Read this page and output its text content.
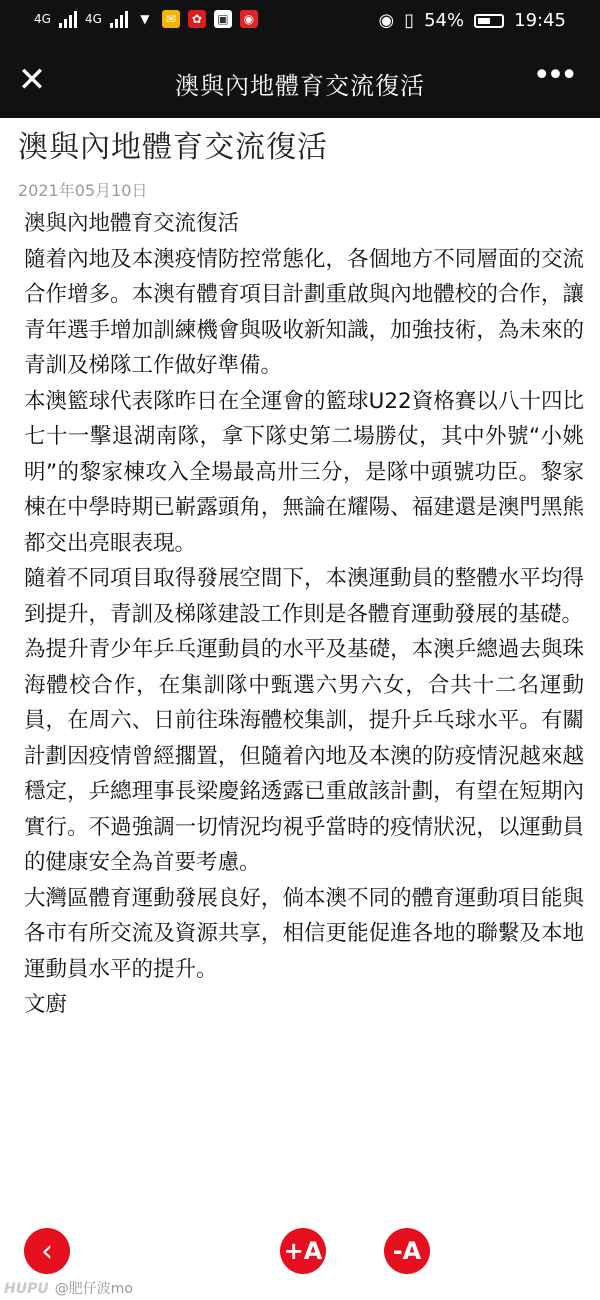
4G	4G	▼	✉	✿	▣	◉	◉ ▯ 54%	19:45
✕	澳與內地體育交流復活	•••
澳與內地體育交流復活
2021年05月10日

澳與內地體育交流復活

隨着內地及本澳疫情防控常態化，各個地方不同層面的交流合作增多。本澳有體育項目計劃重啟與內地體校的合作，讓青年選手增加訓練機會與吸收新知識，加強技術，為未來的青訓及梯隊工作做好準備。

本澳籃球代表隊昨日在全運會的籃球U22資格賽以八十四比七十一擊退湖南隊，拿下隊史第二場勝仗，其中外號“小姚明”的黎家棟攻入全場最高卅三分，是隊中頭號功臣。黎家棟在中學時期已嶄露頭角，無論在耀陽、福建還是澳門黑熊都交出亮眼表現。

隨着不同項目取得發展空間下，本澳運動員的整體水平均得到提升，青訓及梯隊建設工作則是各體育運動發展的基礎。

為提升青少年乒乓運動員的水平及基礎，本澳乒總過去與珠海體校合作，在集訓隊中甄選六男六女，合共十二名運動員，在周六、日前往珠海體校集訓，提升乒乓球水平。有關計劃因疫情曾經擱置，但隨着內地及本澳的防疫情況越來越穩定，乒總理事長梁慶銘透露已重啟該計劃，有望在短期內實行。不過強調一切情況均視乎當時的疫情狀況，以運動員的健康安全為首要考慮。

大灣區體育運動發展良好，倘本澳不同的體育運動項目能與各市有所交流及資源共享，相信更能促進各地的聯繫及本地運動員水平的提升。

文廚

‹	+A	-A
HUPU @肥仔波mo
